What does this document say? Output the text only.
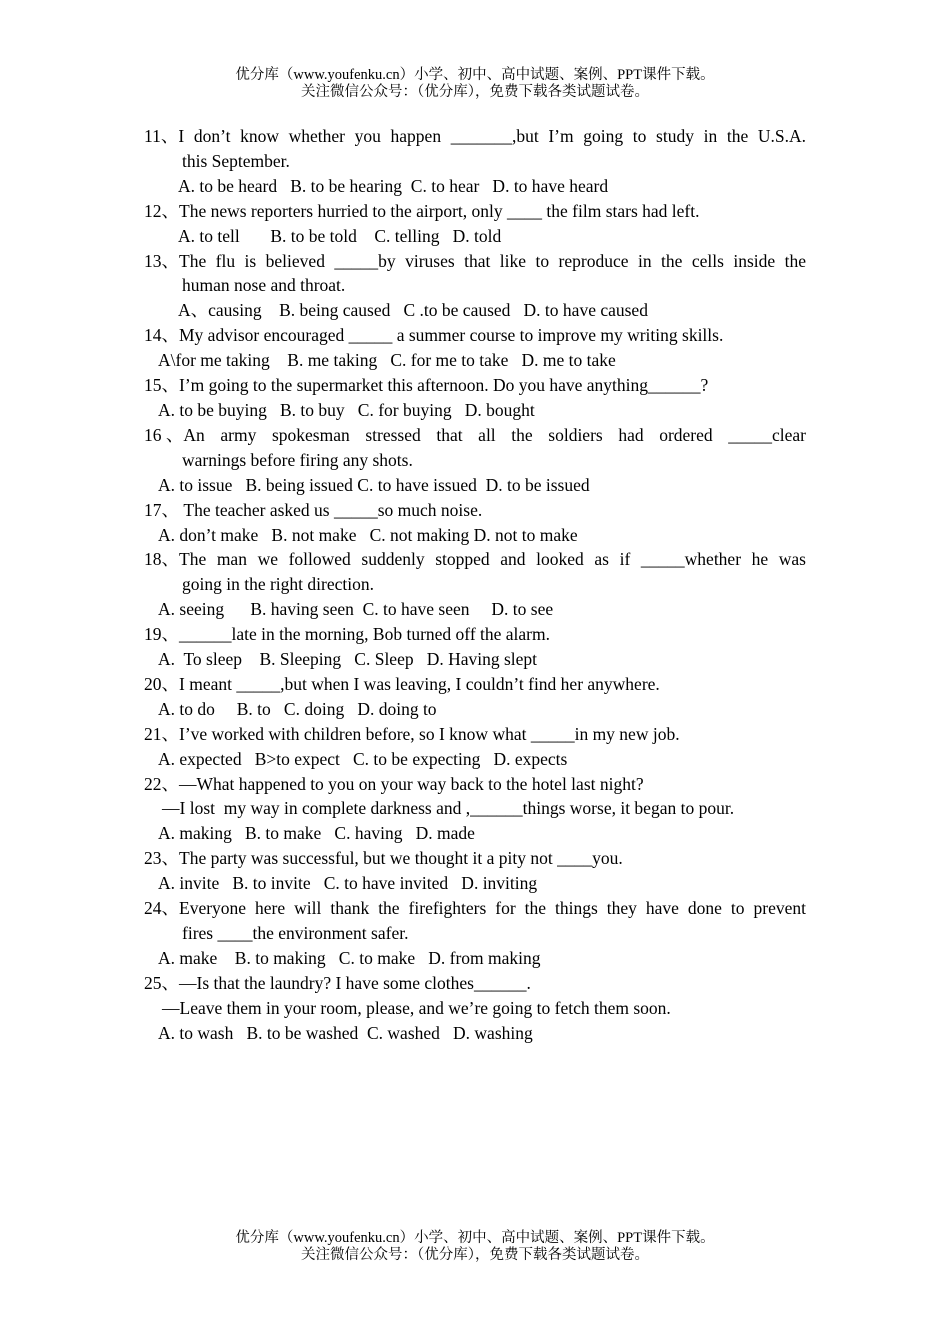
优分库（www.youfenku.cn）小学、初中、高中试题、案例、PPT课件下载。
关注微信公众号：（优分库），免费下载各类试题试卷。
11、 I don’t know whether you happen _______,but I’m going to study in the U.S.A.
this September.
A. to be heard   B. to be hearing  C. to hear   D. to have heard
12、 The news reporters hurried to the airport, only ____ the film stars had left.
A. to tell       B. to be told    C. telling   D. told
13、 The flu is believed _____by viruses that like to reproduce in the cells inside the
human nose and throat.
A、causing    B. being caused   C .to be caused   D. to have caused
14、 My advisor encouraged _____ a summer course to improve my writing skills.
A\for me taking    B. me taking   C. for me to take   D. me to take
15、 I’m going to the supermarket this afternoon. Do you have anything______?
A. to be buying   B. to buy   C. for buying   D. bought
16 、 An army spokesman stressed that all the soldiers had ordered _____clear
warnings before firing any shots.
A. to issue   B. being issued C. to have issued  D. to be issued
17、 The teacher asked us _____so much noise.
A. don’t make   B. not make   C. not making D. not to make
18、 The man we followed suddenly stopped and looked as if _____whether he was
going in the right direction.
A. seeing      B. having seen  C. to have seen     D. to see
19、 ______late in the morning, Bob turned off the alarm.
A.  To sleep    B. Sleeping   C. Sleep   D. Having slept
20、 I meant _____,but when I was leaving, I couldn’t find her anywhere.
A. to do     B. to   C. doing   D. doing to
21、 I’ve worked with children before, so I know what _____in my new job.
A. expected   B>to expect   C. to be expecting   D. expects
22、 —What happened to you on your way back to the hotel last night?
—I lost  my way in complete darkness and ,______things worse, it began to pour.
A. making   B. to make   C. having   D. made
23、 The party was successful, but we thought it a pity not ____you.
A. invite   B. to invite   C. to have invited   D. inviting
24、 Everyone here will thank the firefighters for the things they have done to prevent
fires ____the environment safer.
A. make    B. to making   C. to make   D. from making
25、 —Is that the laundry? I have some clothes______.
—Leave them in your room, please, and we’re going to fetch them soon.
A. to wash   B. to be washed  C. washed   D. washing
优分库（www.youfenku.cn）小学、初中、高中试题、案例、PPT课件下载。
关注微信公众号：（优分库），免费下载各类试题试卷。
